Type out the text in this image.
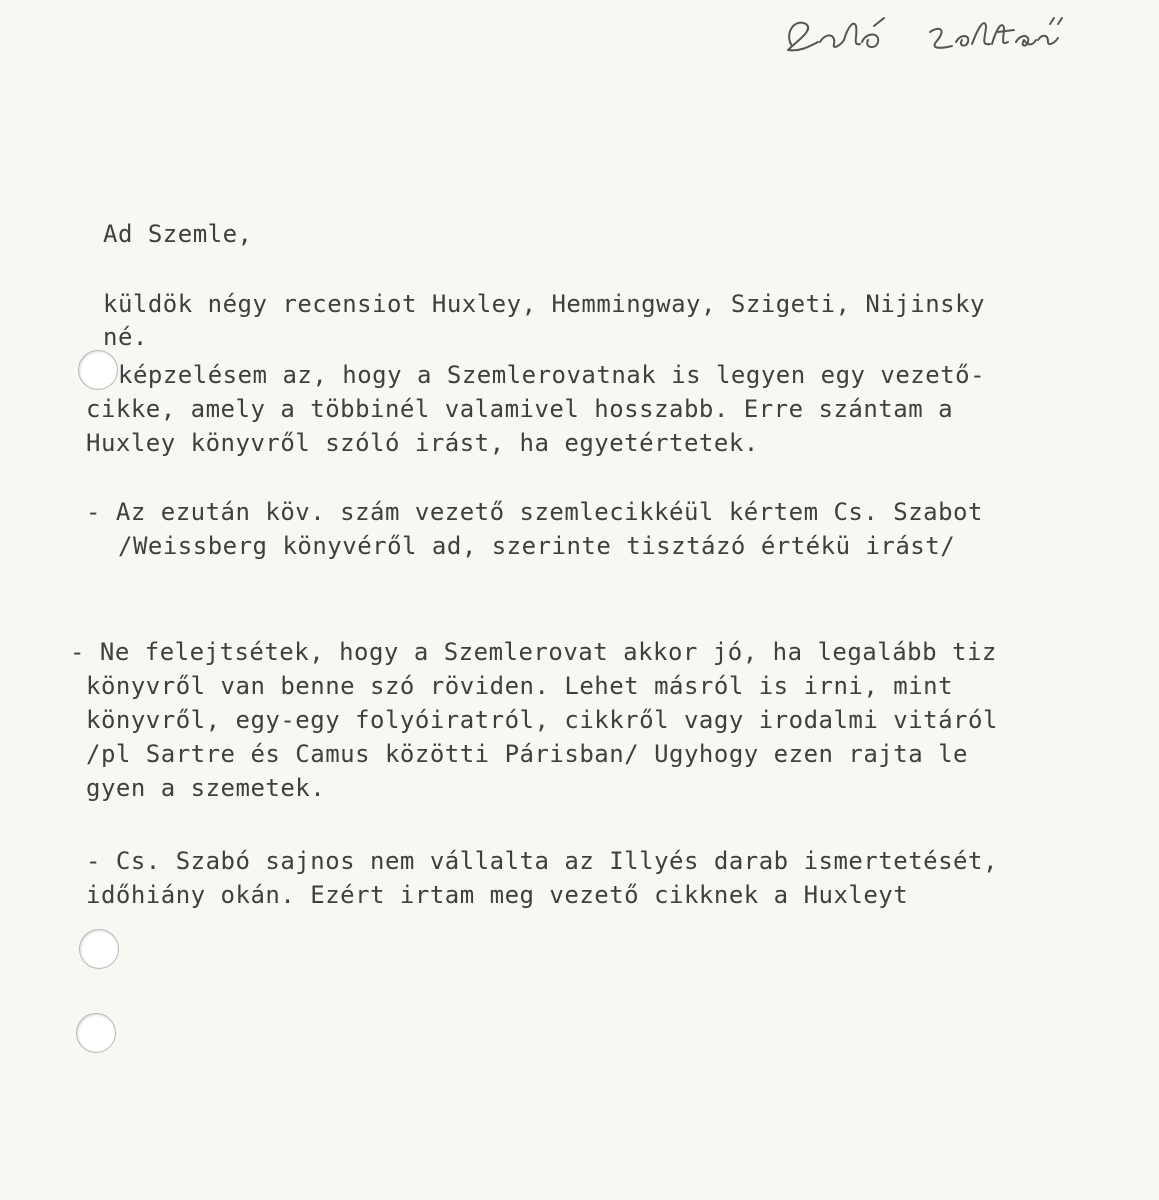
Ad Szemle,

küldök négy recensiot Huxley, Hemmingway, Szigeti, Nijinsky

né.

képzelésem az, hogy a Szemlerovatnak is legyen egy vezető-

cikke, amely a többinél valamivel hosszabb. Erre szántam a

Huxley könyvről szóló irást, ha egyetértetek.

- Az ezután köv. szám vezető szemlecikkéül kértem Cs. Szabot

/Weissberg könyvéről ad, szerinte tisztázó értékü irást/

- Ne felejtsétek, hogy a Szemlerovat akkor jó, ha legalább tiz

könyvről van benne szó röviden. Lehet másról is irni, mint

könyvről, egy-egy folyóiratról, cikkről vagy irodalmi vitáról

/pl Sartre és Camus közötti Párisban/ Ugyhogy ezen rajta le

gyen a szemetek.

- Cs. Szabó sajnos nem vállalta az Illyés darab ismertetését,

időhiány okán. Ezért irtam meg vezető cikknek a Huxleyt
